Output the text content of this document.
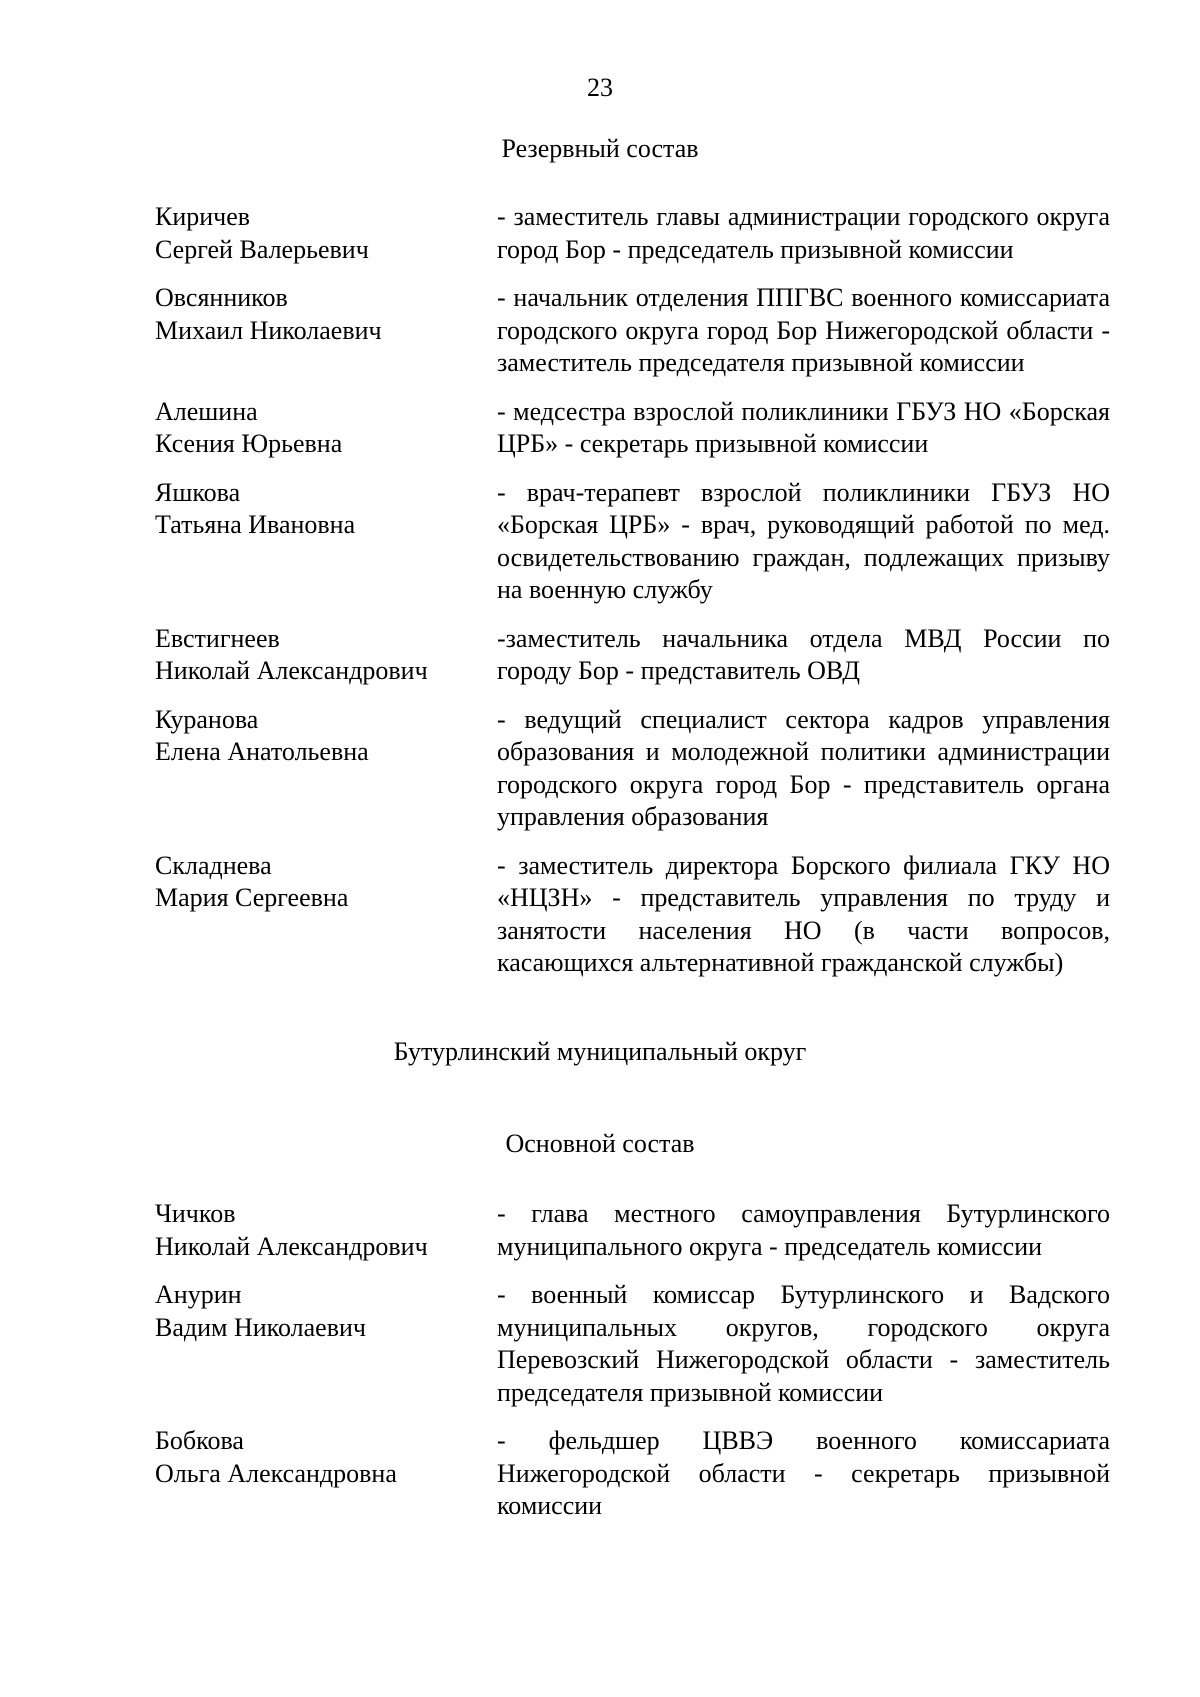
23
Резервный состав
Киричев
Сергей Валерьевич
- заместитель главы администрации городского округа город Бор - председатель призывной комиссии
Овсянников
Михаил Николаевич
- начальник отделения ППГВС военного комиссариата городского округа город Бор Нижегородской области - заместитель председателя призывной комиссии
Алешина
Ксения Юрьевна
- медсестра взрослой поликлиники ГБУЗ НО «Борская ЦРБ» - секретарь призывной комиссии
Яшкова
Татьяна Ивановна
- врач-терапевт взрослой поликлиники ГБУЗ НО «Борская ЦРБ» - врач, руководящий работой по мед. освидетельствованию граждан, подлежащих призыву на военную службу
Евстигнеев
Николай Александрович
-заместитель начальника отдела МВД России по городу Бор - представитель ОВД
Куранова
Елена Анатольевна
- ведущий специалист сектора кадров управления образования и молодежной политики администрации городского округа город Бор - представитель органа управления образования
Складнева
Мария Сергеевна
- заместитель директора Борского филиала ГКУ НО «НЦЗН» - представитель управления по труду и занятости населения НО (в части вопросов, касающихся альтернативной гражданской службы)
Бутурлинский муниципальный округ
Основной состав
Чичков
Николай Александрович
- глава местного самоуправления Бутурлинского муниципального округа - председатель комиссии
Анурин
Вадим Николаевич
- военный комиссар Бутурлинского и Вадского муниципальных округов, городского округа Перевозский Нижегородской области - заместитель председателя призывной комиссии
Бобкова
Ольга Александровна
- фельдшер ЦВВЭ военного комиссариата Нижегородской области - секретарь призывной комиссии
